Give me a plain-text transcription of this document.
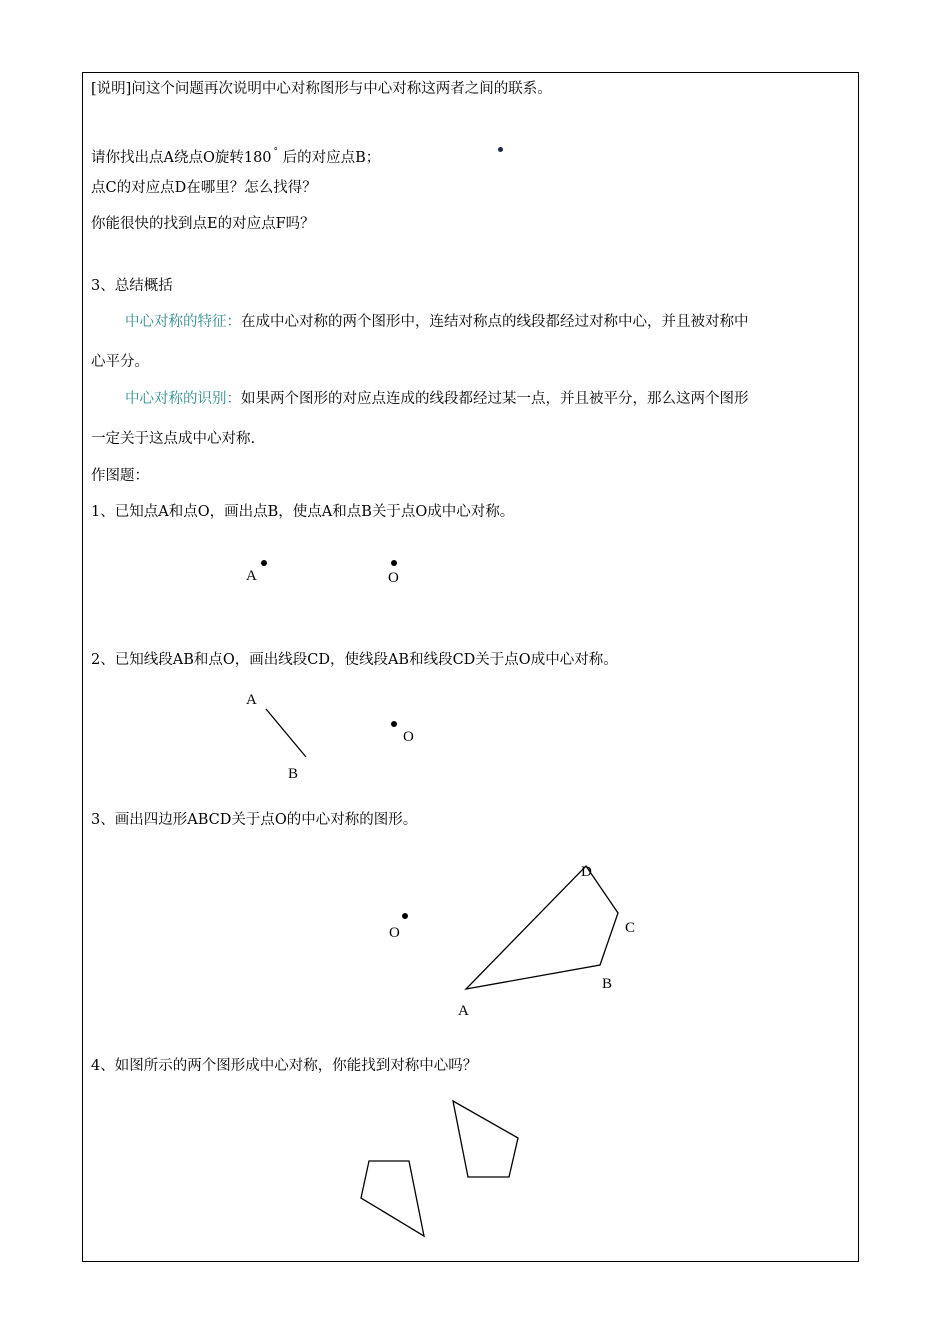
[说明]问这个问题再次说明中心对称图形与中心对称这两者之间的联系。
请你找出点A绕点O旋转180 ° 后的对应点B；
点C的对应点D在哪里？怎么找得？
你能很快的找到点E的对应点F吗？
3、总结概括
中心对称的特征：在成中心对称的两个图形中，连结对称点的线段都经过对称中心，并且被对称中
心平分。
中心对称的识别：如果两个图形的对应点连成的线段都经过某一点，并且被平分，那么这两个图形
一定关于这点成中心对称.
作图题：
1、已知点A和点O，画出点B，使点A和点B关于点O成中心对称。
A	O
2、已知线段AB和点O，画出线段CD，使线段AB和线段CD关于点O成中心对称。
A
B
O
3、画出四边形ABCD关于点O的中心对称的图形。
O
D
C
B
A
4、如图所示的两个图形成中心对称，你能找到对称中心吗？
